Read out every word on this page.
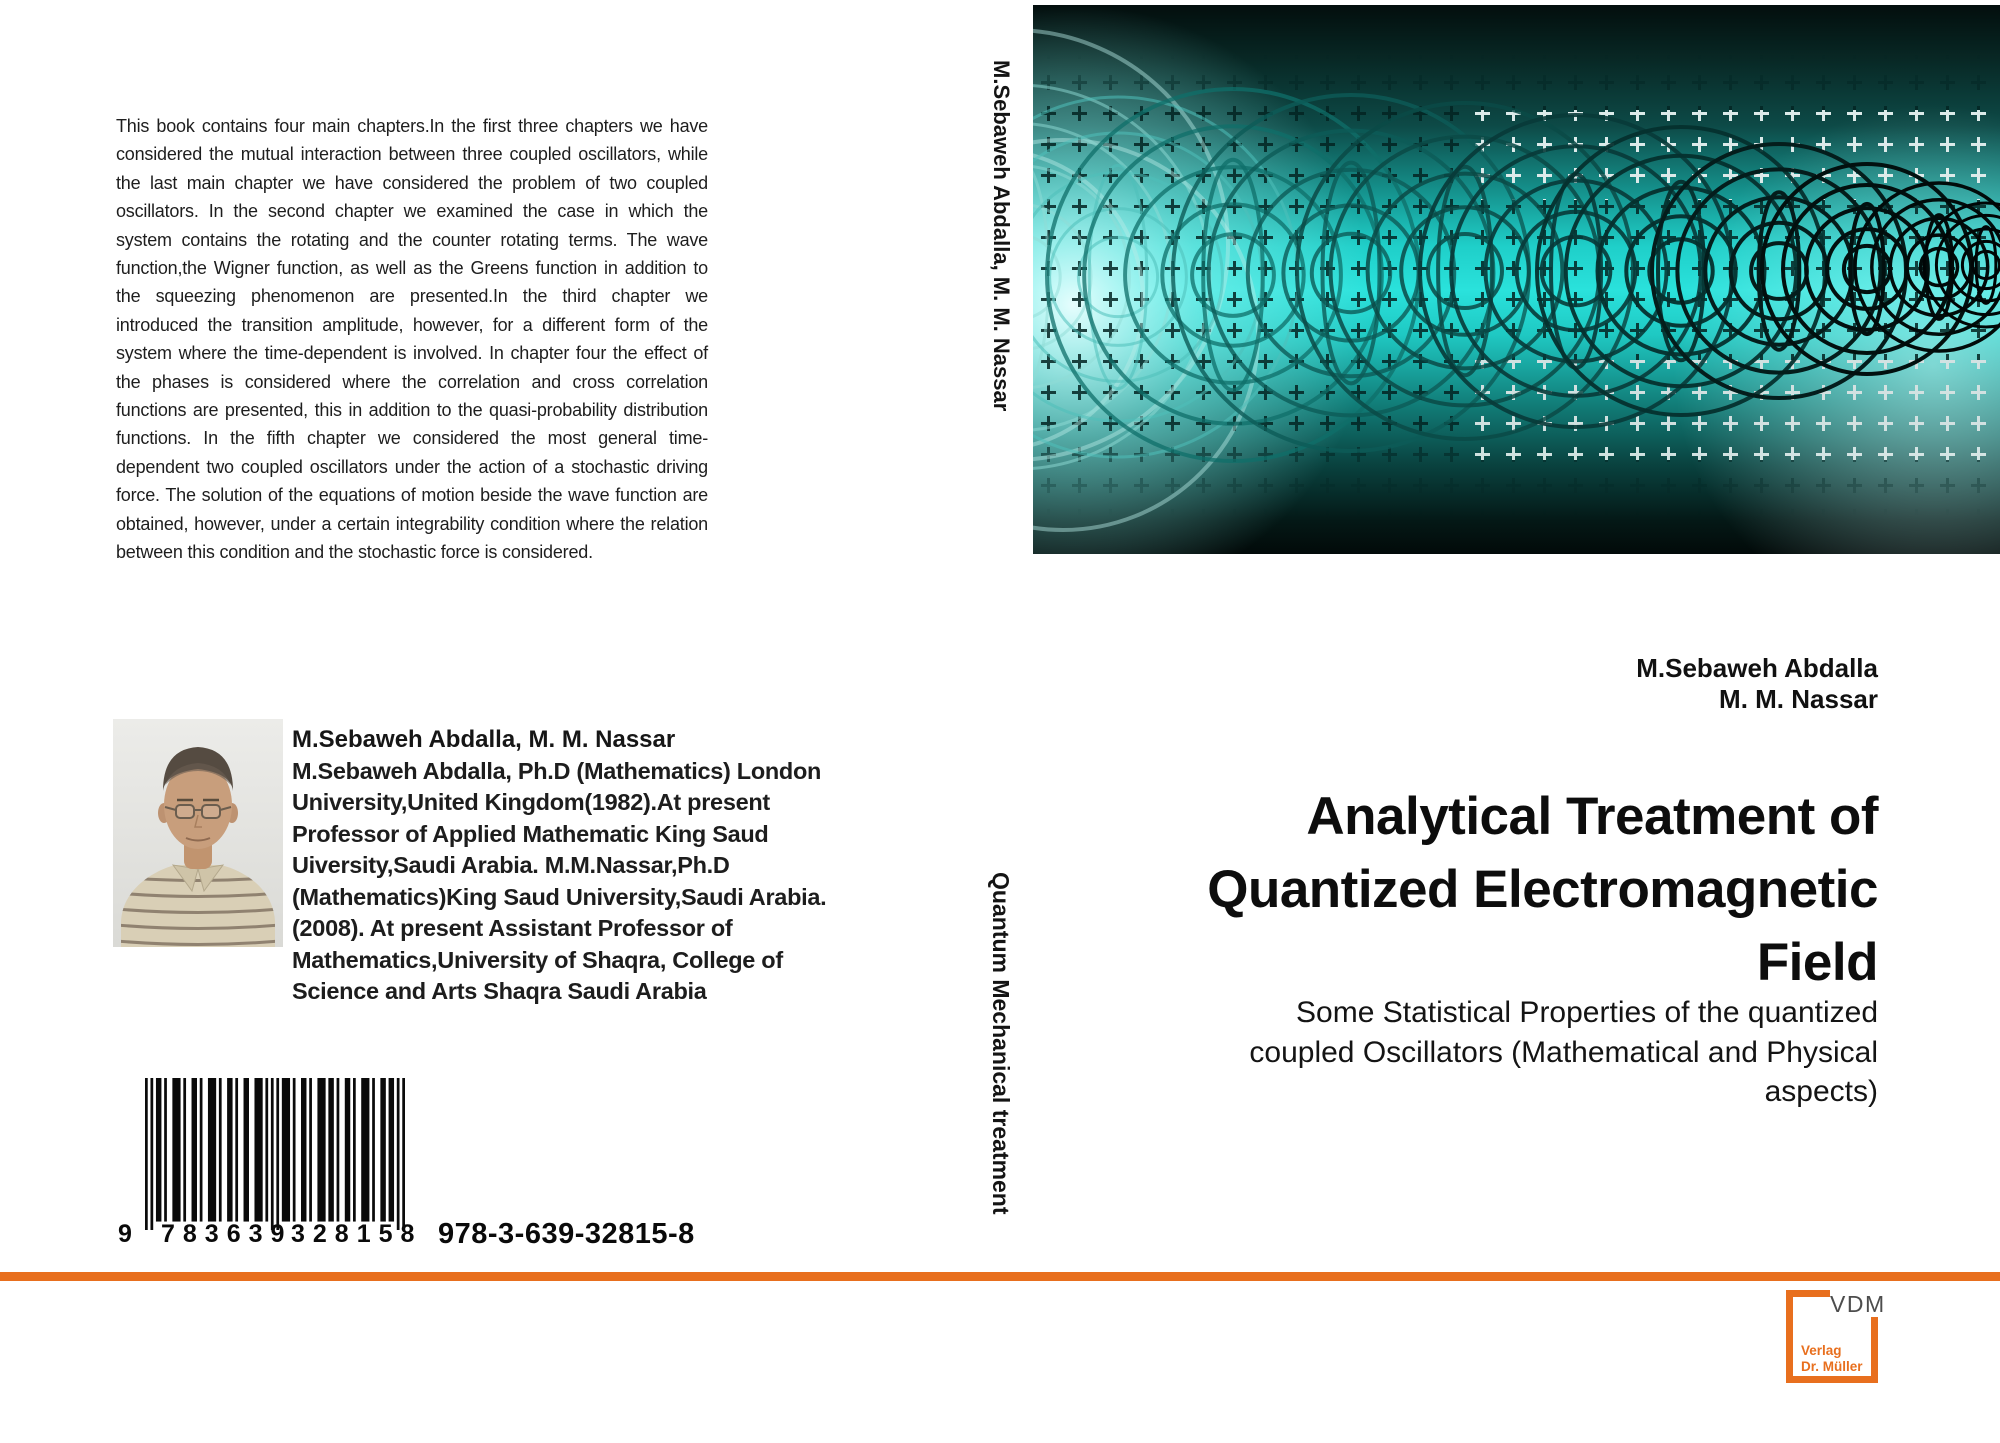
This book contains four main chapters.In the first three chapters we have considered the mutual interaction between three coupled oscillators, while the last main chapter we have considered the problem of two coupled oscillators. In the second chapter we examined the case in which the system contains the rotating and the counter rotating terms. The wave function,the Wigner function, as well as the Greens function in addition to the squeezing phenomenon are presented.In the third chapter we introduced the transition amplitude, however, for a different form of the system where the time-dependent is involved. In chapter four the effect of the phases is considered where the correlation and cross correlation functions are presented, this in addition to the quasi-probability distribution functions. In the fifth chapter we considered the most general time-dependent two coupled oscillators under the action of a stochastic driving force. The solution of the equations of motion beside the wave function are obtained, however, under a certain integrability condition where the relation between this condition and the stochastic force is considered.
M.Sebaweh Abdalla, M. M. Nassar
M.Sebaweh Abdalla, Ph.D (Mathematics) London University,United Kingdom(1982).At present Professor of Applied Mathematic King Saud Uiversity,Saudi Arabia. M.M.Nassar,Ph.D (Mathematics)King Saud University,Saudi Arabia. (2008). At present Assistant Professor of Mathematics,University of Shaqra, College of Science and Arts Shaqra Saudi Arabia
9 783639
328158 978-3-639-32815-8
M.Sebaweh Abdalla, M. M. Nassar
Quantum Mechanical treatment
M.Sebaweh Abdalla
M. M. Nassar
Analytical Treatment of
Quantized Electromagnetic
Field
Some Statistical Properties of the quantized
coupled Oscillators (Mathematical and Physical
aspects)
VDM
Verlag
Dr. Müller
